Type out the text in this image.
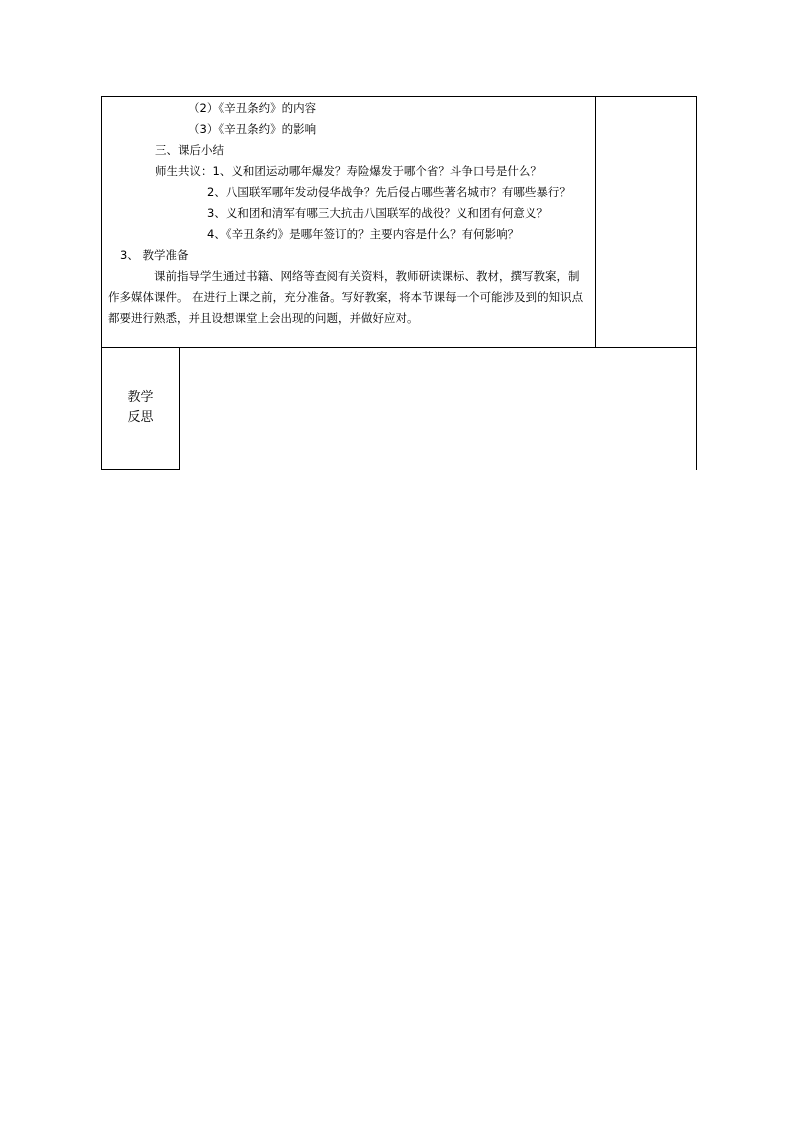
（2）《辛丑条约》的内容
（3）《辛丑条约》的影响
三、课后小结
师生共议：1、义和团运动哪年爆发？寿险爆发于哪个省？斗争口号是什么？
2、八国联军哪年发动侵华战争？先后侵占哪些著名城市？有哪些暴行？
3、义和团和清军有哪三大抗击八国联军的战役？义和团有何意义？
4、《辛丑条约》是哪年签订的？主要内容是什么？有何影响？
3、 教学准备
课前指导学生通过书籍、网络等查阅有关资料，教师研读课标、教材，撰写教案，制作多媒体课件。 在进行上课之前，充分准备。写好教案，将本节课每一个可能涉及到的知识点都要进行熟悉，并且设想课堂上会出现的问题，并做好应对。
教学
反思
